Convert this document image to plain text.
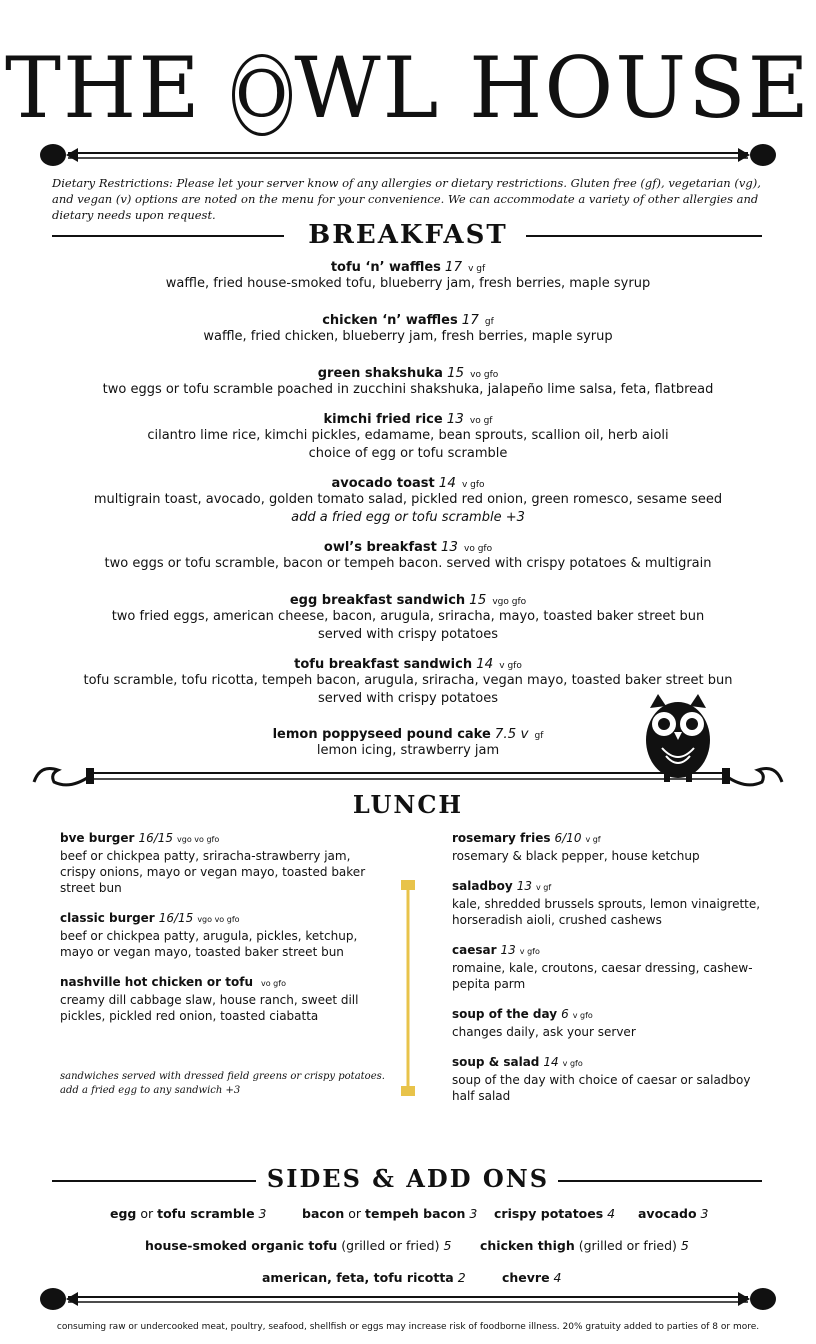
THE OWL HOUSE
Dietary Restrictions: Please let your server know of any allergies or dietary restrictions. Gluten free (gf), vegetarian (vg), and vegan (v) options are noted on the menu for your convenience. We can accommodate a variety of other allergies and dietary needs upon request.
BREAKFAST
tofu ‘n’ waffles 17 v gf
waffle, fried house-smoked tofu, blueberry jam, fresh berries, maple syrup
chicken ‘n’ waffles 17 gf
waffle, fried chicken, blueberry jam, fresh berries, maple syrup
green shakshuka 15 vo gfo
two eggs or tofu scramble poached in zucchini shakshuka, jalapeño lime salsa, feta, flatbread
kimchi fried rice 13 vo gf
cilantro lime rice, kimchi pickles, edamame, bean sprouts, scallion oil, herb aioli
choice of egg or tofu scramble
avocado toast 14 v gfo
multigrain toast, avocado, golden tomato salad, pickled red onion, green romesco, sesame seed
add a fried egg or tofu scramble +3
owl’s breakfast 13 vo gfo
two eggs or tofu scramble, bacon or tempeh bacon. served with crispy potatoes & multigrain
egg breakfast sandwich 15 vgo gfo
two fried eggs, american cheese, bacon, arugula, sriracha, mayo, toasted baker street bun
served with crispy potatoes
tofu breakfast sandwich 14 v gfo
tofu scramble, tofu ricotta, tempeh bacon, arugula, sriracha, vegan mayo, toasted baker street bun
served with crispy potatoes
lemon poppyseed pound cake 7.5 v gf
lemon icing, strawberry jam
LUNCH
bve burger 16/15 vgo vo gfo
beef or chickpea patty, sriracha-strawberry jam, crispy onions, mayo or vegan mayo, toasted baker street bun
classic burger 16/15 vgo vo gfo
beef or chickpea patty, arugula, pickles, ketchup, mayo or vegan mayo, toasted baker street bun
nashville hot chicken or tofu vo gfo
creamy dill cabbage slaw, house ranch, sweet dill pickles, pickled red onion, toasted ciabatta
sandwiches served with dressed field greens or crispy potatoes. add a fried egg to any sandwich +3
rosemary fries 6/10 v gf
rosemary & black pepper, house ketchup
saladboy 13 v gf
kale, shredded brussels sprouts, lemon vinaigrette, horseradish aioli, crushed cashews
caesar 13 v gfo
romaine, kale, croutons, caesar dressing, cashew-pepita parm
soup of the day 6 v gfo
changes daily, ask your server
soup & salad 14 v gfo
soup of the day with choice of caesar or saladboy half salad
SIDES & ADD ONS
egg or tofu scramble 3	bacon or tempeh bacon 3 crispy potatoes 4 avocado 3
house-smoked organic tofu (grilled or fried) 5 chicken thigh (grilled or fried) 5
american, feta, tofu ricotta 2	chevre 4
consuming raw or undercooked meat, poultry, seafood, shellfish or eggs may increase risk of foodborne illness. 20% gratuity added to parties of 8 or more.
